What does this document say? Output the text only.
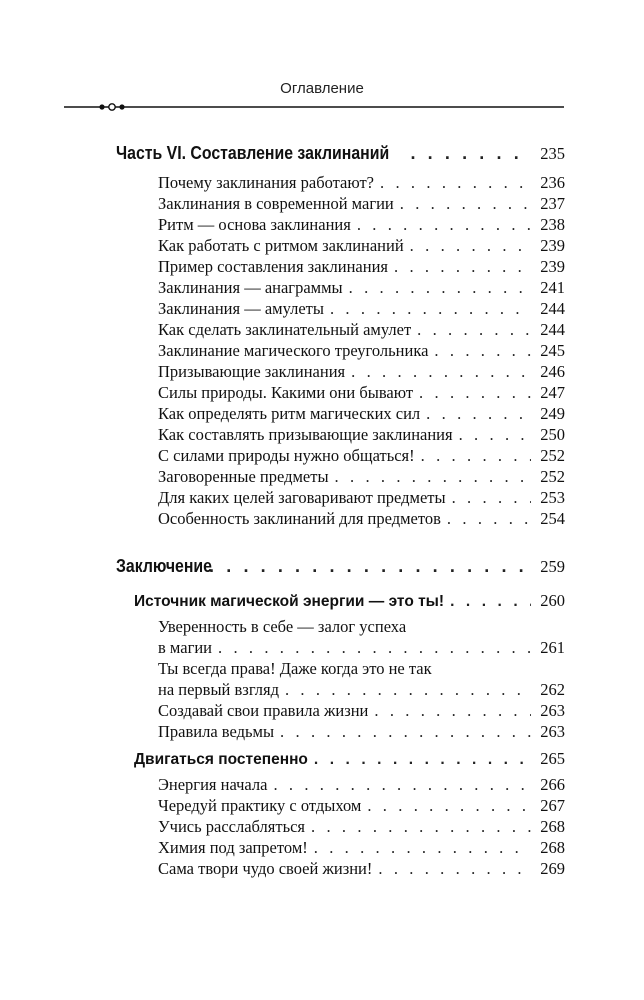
Оглавление
Часть VI. Составление заклинаний . . .	235
Почему заклинания работают? . . .	236
Заклинания в современной магии . . .	237
Ритм — основа заклинания . . .	238
Как работать с ритмом заклинаний . . .	239
Пример составления заклинания . . .	239
Заклинания — анаграммы . . .	241
Заклинания — амулеты . . .	244
Как сделать заклинательный амулет . . .	244
Заклинание магического треугольника . . .	245
Призывающие заклинания . . .	246
Силы природы. Какими они бывают . . .	247
Как определять ритм магических сил . . .	249
Как составлять призывающие заклинания . . .	250
С силами природы нужно общаться! . . .	252
Заговоренные предметы . . .	252
Для каких целей заговаривают предметы . . .	253
Особенность заклинаний для предметов . . .	254
Заключение . . .	259
Источник магической энергии — это ты! . . .	260
Уверенность в себе — залог успеха
в магии . . .	261
Ты всегда права! Даже когда это не так
на первый взгляд . . .	262
Создавай свои правила жизни . . .	263
Правила ведьмы . . .	263
Двигаться постепенно . . .	265
Энергия начала . . .	266
Чередуй практику с отдыхом . . .	267
Учись расслабляться . . .	268
Химия под запретом! . . .	268
Сама твори чудо своей жизни! . . .	269
